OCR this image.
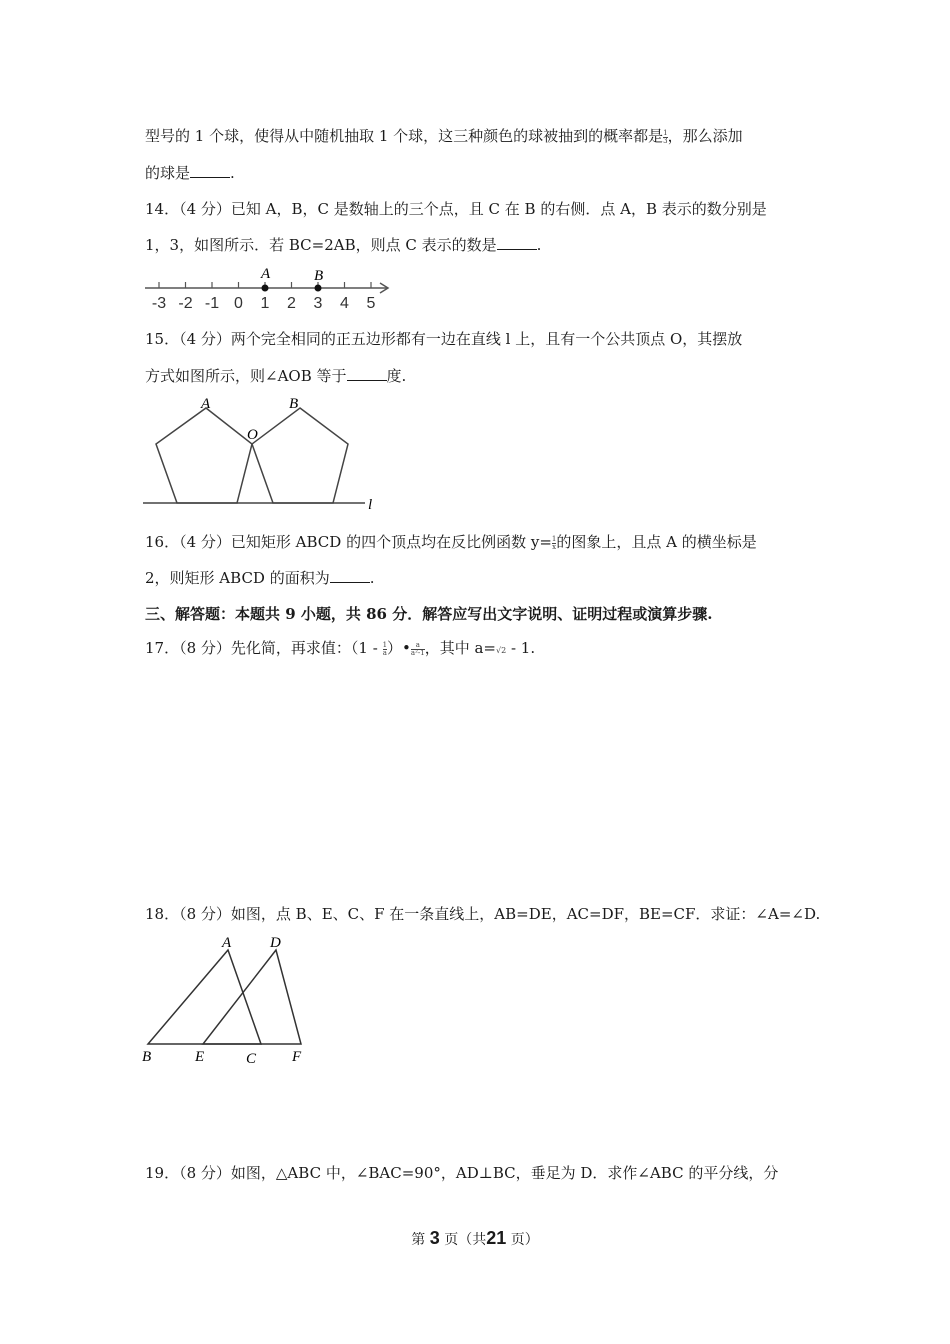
型号的 1 个球，使得从中随机抽取 1 个球，这三种颜色的球被抽到的概率都是 $\frac{1}{3}$ ，那么添加
的球是	.
14．（4 分）已知 A，B，C 是数轴上的三个点，且 C 在 B 的右侧．点 A，B 表示的数分别是
1，3，如图所示．若 BC=2AB，则点 C 表示的数是	.
-3 -2 -1 0 1 2 3 4 5
A	B
15．（4 分）两个完全相同的正五边形都有一边在直线 l 上，且有一个公共顶点 O，其摆放
方式如图所示，则∠AOB 等于	度.
A	B
O
l
16．（4 分）已知矩形 ABCD 的四个顶点均在反比例函数 $y= \frac{1}{x}$ 的图象上，且点 A 的横坐标是
2，则矩形 ABCD 的面积为	.
三、解答题：本题共 9 小题，共 86 分．解答应写出文字说明、证明过程或演算步骤.
17．（8 分）先化简，再求值：（$1 - \frac{1}{a}$ ）• $\frac{a}{\text{a²-1}}$ ，其中 a=√2 - 1.
18．（8 分）如图，点 B、E、C、F 在一条直线上，AB=DE，AC=DF，BE=CF．求证：∠A=∠D.
A	D
B	E	C F
19．（8 分）如图，△ABC 中，∠BAC=90°，AD⊥BC，垂足为 D．求作∠ABC 的平分线，分
第 3 页（共21 页）
